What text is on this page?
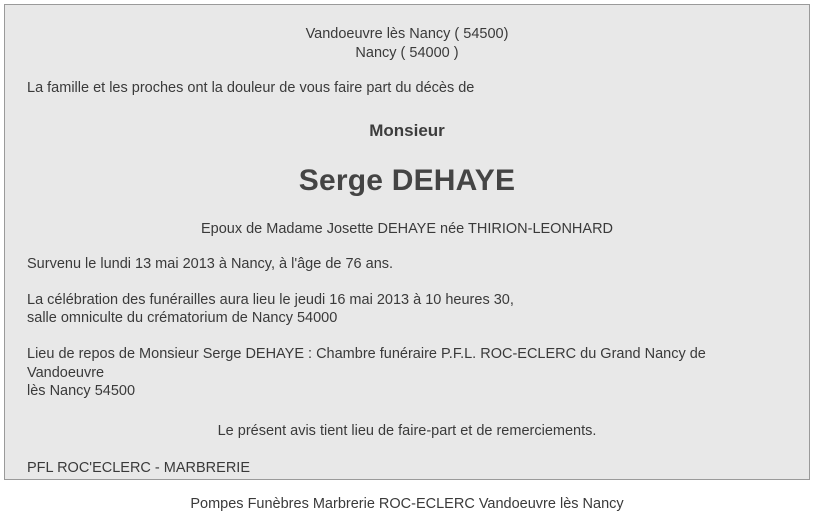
Vandoeuvre lès Nancy ( 54500)
Nancy ( 54000 )
La famille et les proches ont la douleur de vous faire part du décès de
Monsieur
Serge DEHAYE
Epoux de Madame Josette DEHAYE née THIRION-LEONHARD
Survenu le lundi 13 mai 2013 à Nancy, à l'âge de 76 ans.
La célébration des funérailles aura lieu le jeudi 16 mai 2013 à 10 heures 30,
salle omniculte du crématorium de Nancy 54000
Lieu de repos de Monsieur Serge DEHAYE : Chambre funéraire P.F.L. ROC-ECLERC du Grand Nancy de Vandoeuvre
lès Nancy 54500
Le présent avis tient lieu de faire-part et de remerciements.
PFL ROC'ECLERC - MARBRERIE
Pompes Funèbres Marbrerie ROC-ECLERC Vandoeuvre lès Nancy
